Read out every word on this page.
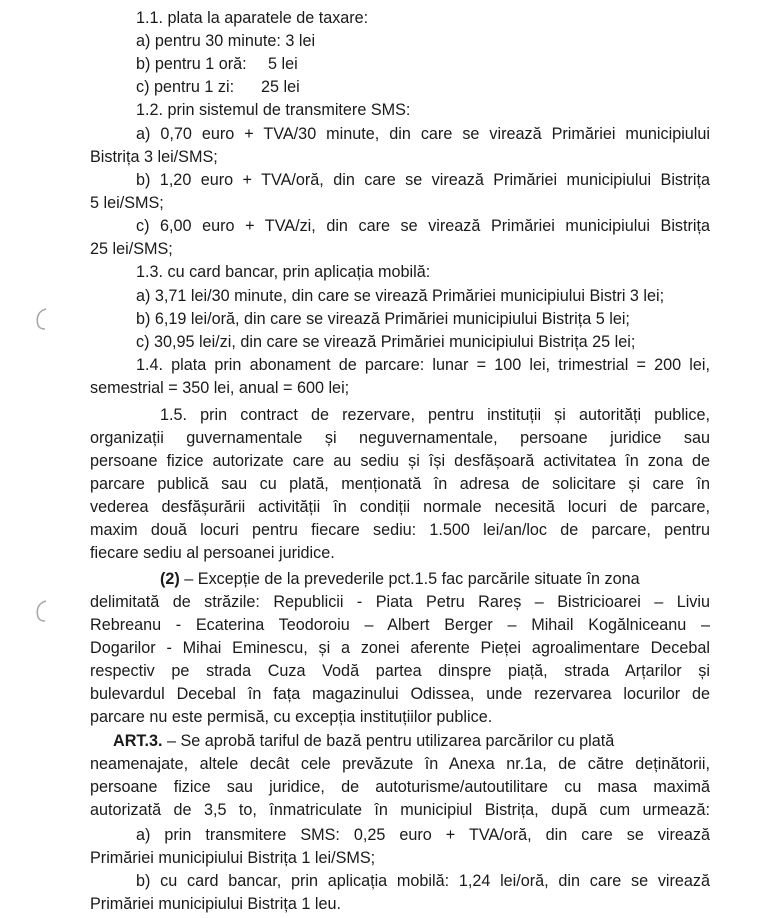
1.1. plata la aparatele de taxare:
a) pentru 30 minute: 3 lei
b) pentru 1 oră: 5 lei
c) pentru 1 zi: 25 lei
1.2. prin sistemul de transmitere SMS:
a) 0,70 euro + TVA/30 minute, din care se virează Primăriei municipiului
Bistrița 3 lei/SMS;
b) 1,20 euro + TVA/oră, din care se virează Primăriei municipiului Bistrița
5 lei/SMS;
c) 6,00 euro + TVA/zi, din care se virează Primăriei municipiului Bistrița
25 lei/SMS;
1.3. cu card bancar, prin aplicația mobilă:
a) 3,71 lei/30 minute, din care se virează Primăriei municipiului Bistri 3 lei;
b) 6,19 lei/oră, din care se virează Primăriei municipiului Bistrița 5 lei;
c) 30,95 lei/zi, din care se virează Primăriei municipiului Bistrița 25 lei;
1.4. plata prin abonament de parcare: lunar = 100 lei, trimestrial = 200 lei,
semestrial = 350 lei, anual = 600 lei;
1.5. prin contract de rezervare, pentru instituții și autorități publice,
organizații guvernamentale și neguvernamentale, persoane juridice sau
persoane fizice autorizate care au sediu și își desfășoară activitatea în zona de
parcare publică sau cu plată, menționată în adresa de solicitare și care în
vederea desfășurării activității în condiții normale necesită locuri de parcare,
maxim două locuri pentru fiecare sediu: 1.500 lei/an/loc de parcare, pentru
fiecare sediu al persoanei juridice.
(2) – Excepție de la prevederile pct.1.5 fac parcările situate în zona
delimitată de străzile: Republicii - Piata Petru Rareș – Bistricioarei – Liviu
Rebreanu - Ecaterina Teodoroiu – Albert Berger – Mihail Kogălniceanu –
Dogarilor - Mihai Eminescu, și a zonei aferente Pieței agroalimentare Decebal
respectiv pe strada Cuza Vodă partea dinspre piață, strada Arțarilor și
bulevardul Decebal în fața magazinului Odissea, unde rezervarea locurilor de
parcare nu este permisă, cu excepția instituțiilor publice.
ART.3. – Se aprobă tariful de bază pentru utilizarea parcărilor cu plată
neamenajate, altele decât cele prevăzute în Anexa nr.1a, de către deținătorii,
persoane fizice sau juridice, de autoturisme/autoutilitare cu masa maximă
autorizată de 3,5 to, înmatriculate în municipiul Bistrița, după cum urmează:
a) prin transmitere SMS: 0,25 euro + TVA/oră, din care se virează
Primăriei municipiului Bistrița 1 lei/SMS;
b) cu card bancar, prin aplicația mobilă: 1,24 lei/oră, din care se virează
Primăriei municipiului Bistrița 1 leu.
